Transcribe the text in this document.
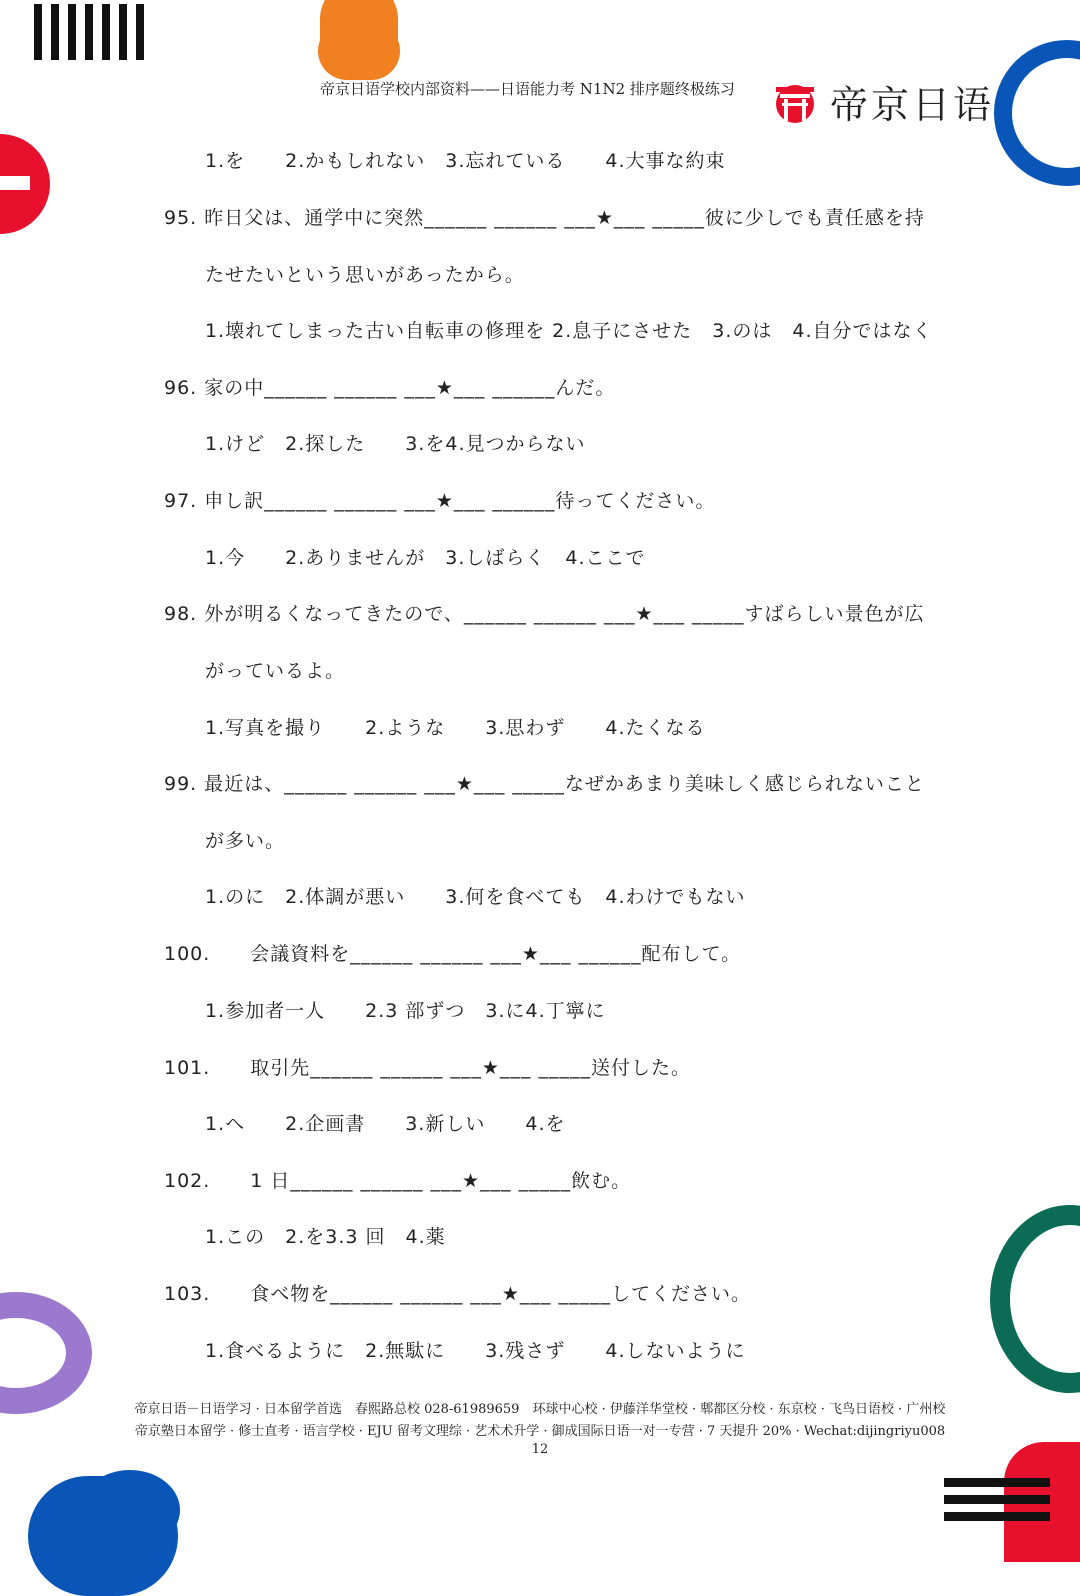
帝京日语学校内部资料——日语能力考 N1N2 排序题终极练习	帝京日语
1.を　　2.かもしれない　3.忘れている　　4.大事な約束
95. 昨日父は、通学中に突然______ ______ ___★___ _____彼に少しでも責任感を持
たせたいという思いがあったから。
1.壊れてしまった古い自転車の修理を 2.息子にさせた　3.のは　4.自分ではなく
96. 家の中______ ______ ___★___ ______んだ。
1.けど　2.探した　　3.を4.見つからない
97. 申し訳______ ______ ___★___ ______待ってください。
1.今　　2.ありませんが　3.しばらく　4.ここで
98. 外が明るくなってきたので、______ ______ ___★___ _____すばらしい景色が広
がっているよ。
1.写真を撮り　　2.ような　　3.思わず　　4.たくなる
99. 最近は、______ ______ ___★___ _____なぜかあまり美味しく感じられないこと
が多い。
1.のに　2.体調が悪い　　3.何を食べても　4.わけでもない
100.　　会議資料を______ ______ ___★___ ______配布して。
1.参加者一人　　2.3 部ずつ　3.に4.丁寧に
101.　　取引先______ ______ ___★___ _____送付した。
1.へ　　2.企画書　　3.新しい　　4.を
102.　　1 日______ ______ ___★___ _____飲む。
1.この　2.を3.3 回　4.薬
103.　　食べ物を______ ______ ___★___ _____してください。
1.食べるように　2.無駄に　　3.残さず　　4.しないように
帝京日语－日语学习 · 日本留学首选　春熙路总校 028-61989659　环球中心校 · 伊藤洋华堂校 · 郫都区分校 · 东京校 · 飞鸟日语校 · 广州校
帝京塾日本留学 · 修士直考 · 语言学校 · EJU 留考文理综 · 艺术术升学 · 御成国际日语一对一专营 · 7 天提升 20% · Wechat:dijingriyu008
12
